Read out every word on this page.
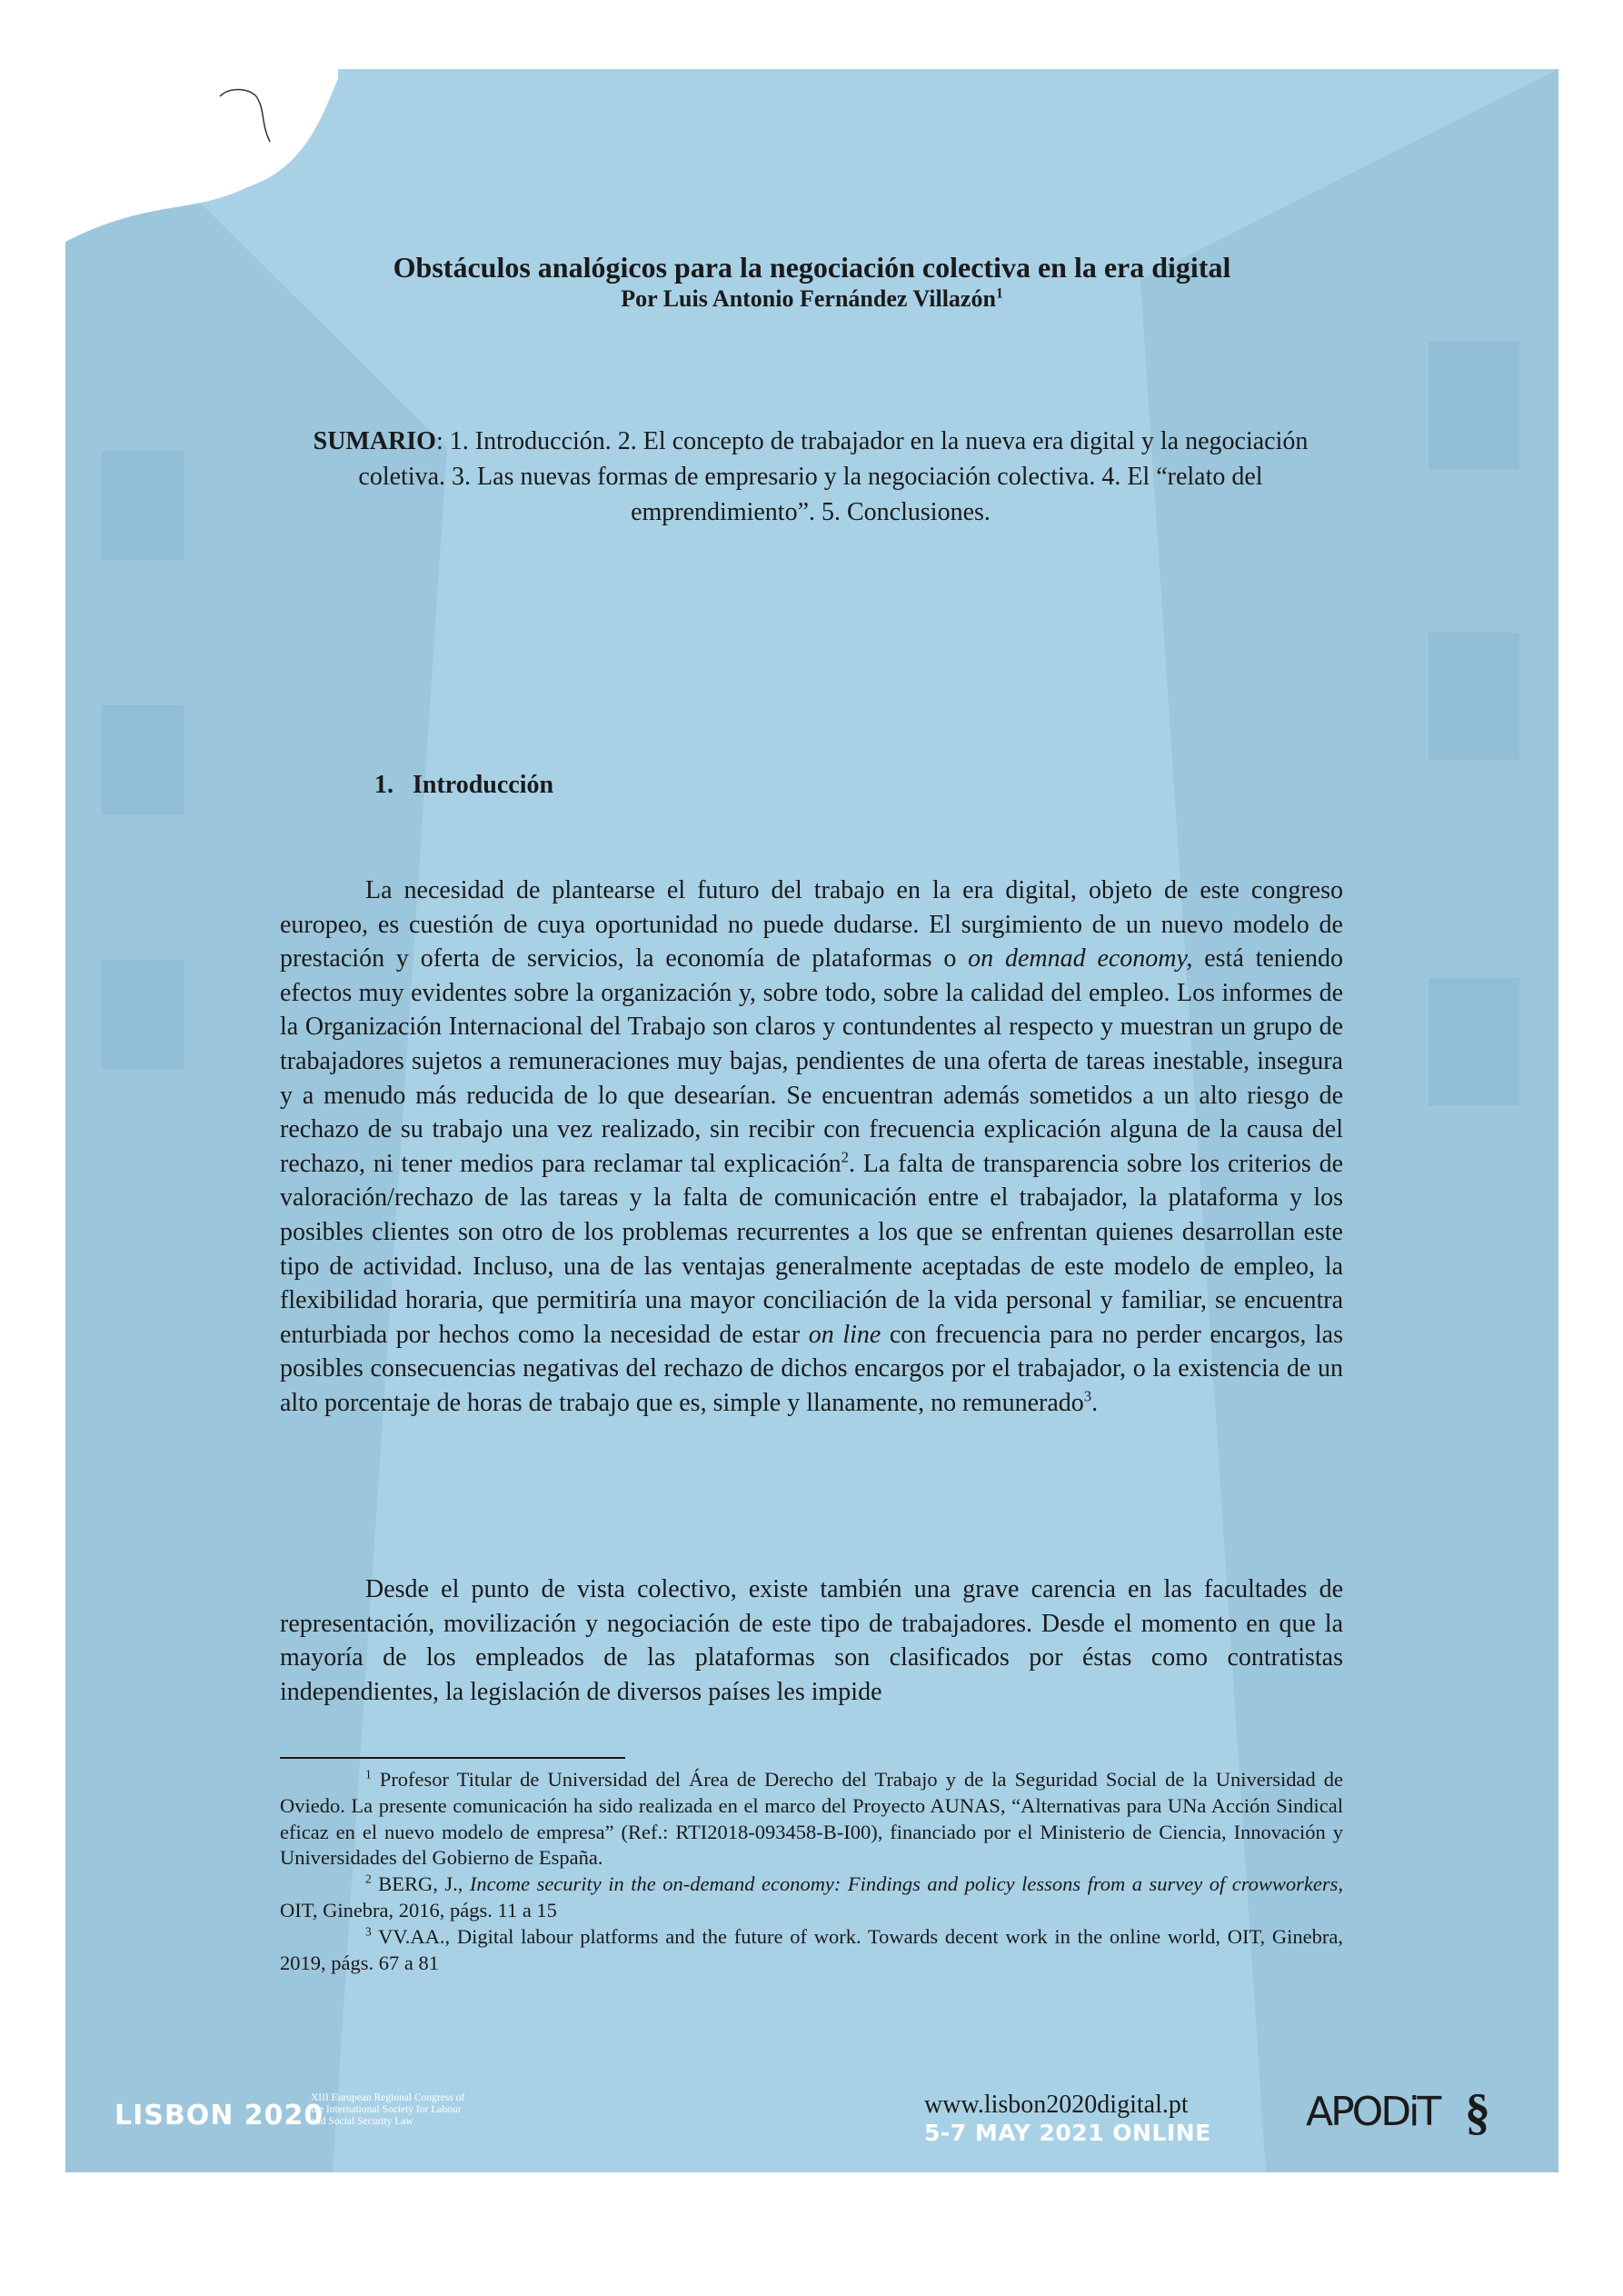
Obstáculos analógicos para la negociación colectiva en la era digital
Por Luis Antonio Fernández Villazón$^1$
SUMARIO: 1. Introducción. 2. El concepto de trabajador en la nueva era digital y la negociación coletiva. 3. Las nuevas formas de empresario y la negociación colectiva. 4. El “relato del emprendimiento”. 5. Conclusiones.
1. Introducción

La necesidad de plantearse el futuro del trabajo en la era digital, objeto de este congreso europeo, es cuestión de cuya oportunidad no puede dudarse. El surgimiento de un nuevo modelo de prestación y oferta de servicios, la economía de plataformas o on demnad economy, está teniendo efectos muy evidentes sobre la organización y, sobre todo, sobre la calidad del empleo. Los informes de la Organización Internacional del Trabajo son claros y contundentes al respecto y muestran un grupo de trabajadores sujetos a remuneraciones muy bajas, pendientes de una oferta de tareas inestable, insegura y a menudo más reducida de lo que desearían. Se encuentran además sometidos a un alto riesgo de rechazo de su trabajo una vez realizado, sin recibir con frecuencia explicación alguna de la causa del rechazo, ni tener medios para reclamar tal explicación$^2$. La falta de transparencia sobre los criterios de valoración/rechazo de las tareas y la falta de comunicación entre el trabajador, la plataforma y los posibles clientes son otro de los problemas recurrentes a los que se enfrentan quienes desarrollan este tipo de actividad. Incluso, una de las ventajas generalmente aceptadas de este modelo de empleo, la flexibilidad horaria, que permitiría una mayor conciliación de la vida personal y familiar, se encuentra enturbiada por hechos como la necesidad de estar on line con frecuencia para no perder encargos, las posibles consecuencias negativas del rechazo de dichos encargos por el trabajador, o la existencia de un alto porcentaje de horas de trabajo que es, simple y llanamente, no remunerado$^3$.

Desde el punto de vista colectivo, existe también una grave carencia en las facultades de representación, movilización y negociación de este tipo de trabajadores. Desde el momento en que la mayoría de los empleados de las plataformas son clasificados por éstas como contratistas independientes, la legislación de diversos países les impide

$^1$ Profesor Titular de Universidad del Área de Derecho del Trabajo y de la Seguridad Social de la Universidad de Oviedo. La presente comunicación ha sido realizada en el marco del Proyecto AUNAS, “Alternativas para UNa Acción Sindical eficaz en el nuevo modelo de empresa” (Ref.: RTI2018-093458-B-I00), financiado por el Ministerio de Ciencia, Innovación y Universidades del Gobierno de España.

$^2$ BERG, J., Income security in the on-demand economy: Findings and policy lessons from a survey of crowworkers, OIT, Ginebra, 2016, págs. 11 a 15

$^3$ VV.AA., Digital labour platforms and the future of work. Towards decent work in the online world, OIT, Ginebra, 2019, págs. 67 a 81

LISBON 2020
XIII European Regional Congress of the International Society for Labour and Social Security Law
www.lisbon2020digital.pt
5-7 MAY 2021 ONLINE APODiT §
